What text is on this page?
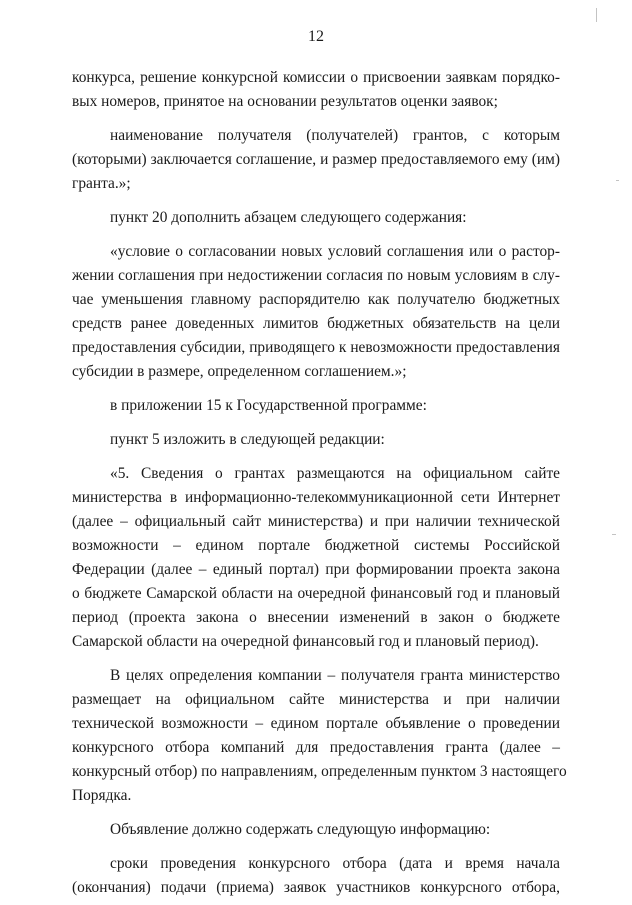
12
конкурса, решение конкурсной комиссии о присвоении заявкам порядко-
вых номеров, принятое на основании результатов оценки заявок;
наименование получателя (получателей) грантов, с которым
(которыми) заключается соглашение, и размер предоставляемого ему (им)
гранта.»;
пункт 20 дополнить абзацем следующего содержания:
«условие о согласовании новых условий соглашения или о растор-
жении соглашения при недостижении согласия по новым условиям в слу-
чае уменьшения главному распорядителю как получателю бюджетных
средств ранее доведенных лимитов бюджетных обязательств на цели
предоставления субсидии, приводящего к невозможности предоставления
субсидии в размере, определенном соглашением.»;
в приложении 15 к Государственной программе:
пункт 5 изложить в следующей редакции:
«5. Сведения о грантах размещаются на официальном сайте
министерства в информационно-телекоммуникационной сети Интернет
(далее – официальный сайт министерства) и при наличии технической
возможности – едином портале бюджетной системы Российской
Федерации (далее – единый портал) при формировании проекта закона
о бюджете Самарской области на очередной финансовый год и плановый
период (проекта закона о внесении изменений в закон о бюджете
Самарской области на очередной финансовый год и плановый период).
В целях определения компании – получателя гранта министерство
размещает на официальном сайте министерства и при наличии
технической возможности – едином портале объявление о проведении
конкурсного отбора компаний для предоставления гранта (далее –
конкурсный отбор) по направлениям, определенным пунктом 3 настоящего
Порядка.
Объявление должно содержать следующую информацию:
сроки проведения конкурсного отбора (дата и время начала
(окончания) подачи (приема) заявок участников конкурсного отбора,
